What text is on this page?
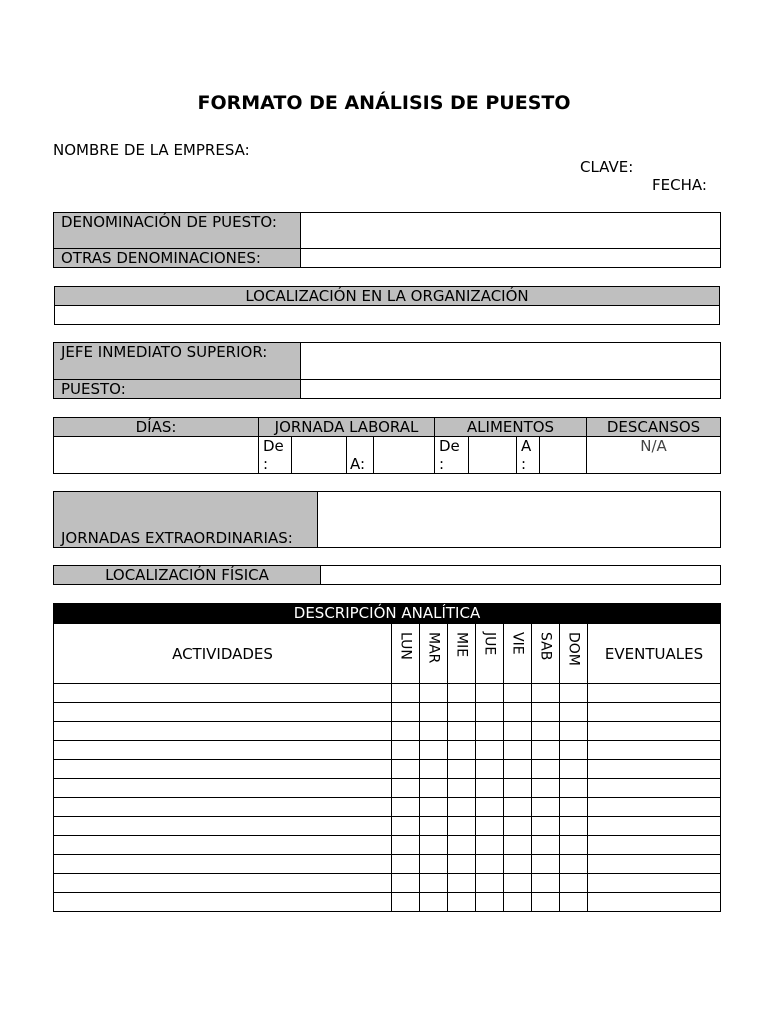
FORMATO DE ANÁLISIS DE PUESTO
NOMBRE DE LA EMPRESA:
CLAVE:
FECHA:
DENOMINACIÓN DE PUESTO:	
OTRAS DENOMINACIONES:	
LOCALIZACIÓN EN LA ORGANIZACIÓN

JEFE INMEDIATO SUPERIOR:	
PUESTO:	
DÍAS:	JORNADA LABORAL				ALIMENTOS				DESCANSOS
	De :		A:		De :		A :		N/A
JORNADAS EXTRAORDINARIAS:	
LOCALIZACIÓN FÍSICA	
DESCRIPCIÓN ANALÍTICA								
ACTIVIDADES	LUN	MAR	MIE	JUE	VIE	SAB	DOM	EVENTUALES
